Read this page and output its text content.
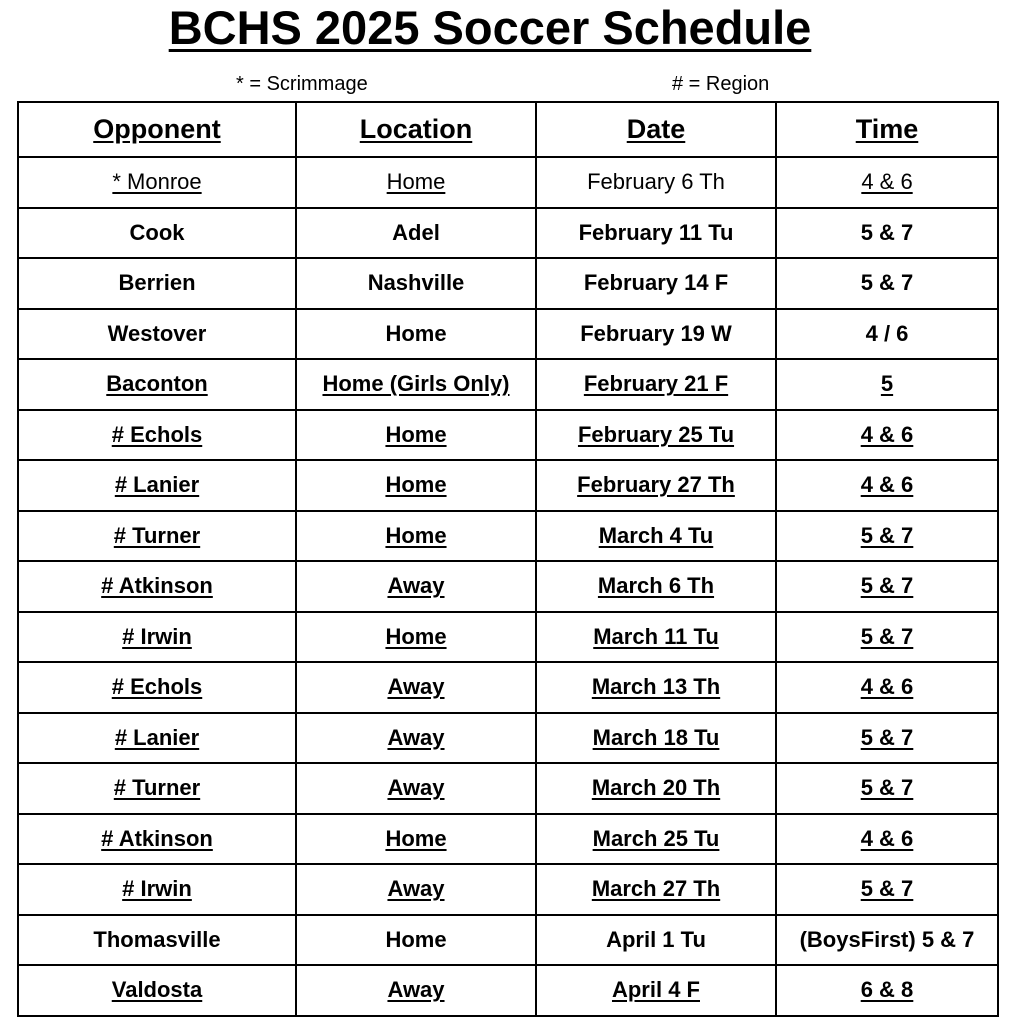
BCHS 2025 Soccer Schedule
* = Scrimmage	# = Region
Opponent	Location	Date	Time
* Monroe	Home	February 6 Th	4 & 6
Cook	Adel	February 11 Tu	5 & 7
Berrien	Nashville	February 14 F	5 & 7
Westover	Home	February 19 W	4 / 6
Baconton	Home (Girls Only)	February 21 F	5
# Echols	Home	February 25 Tu	4 & 6
# Lanier	Home	February 27 Th	4 & 6
# Turner	Home	March 4 Tu	5 & 7
# Atkinson	Away	March 6 Th	5 & 7
# Irwin	Home	March 11 Tu	5 & 7
# Echols	Away	March 13 Th	4 & 6
# Lanier	Away	March 18 Tu	5 & 7
# Turner	Away	March 20 Th	5 & 7
# Atkinson	Home	March 25 Tu	4 & 6
# Irwin	Away	March 27 Th	5 & 7
Thomasville	Home	April 1 Tu	(BoysFirst) 5 & 7
Valdosta	Away	April 4 F	6 & 8
